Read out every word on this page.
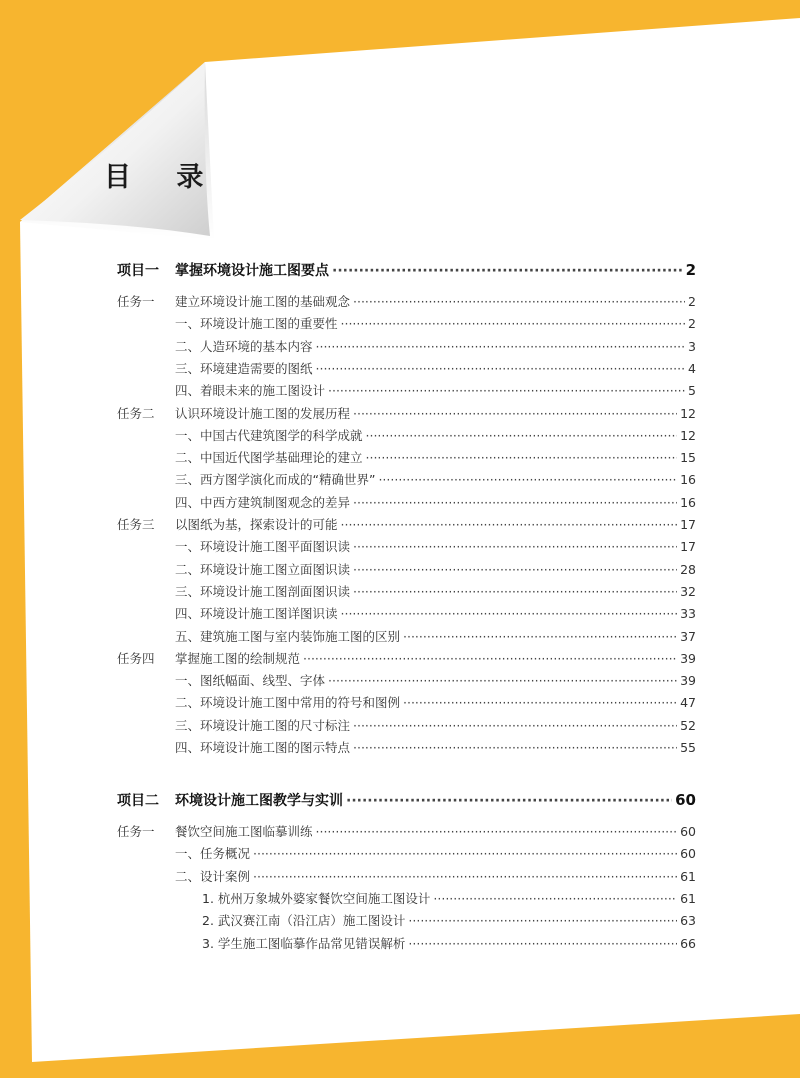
目 录
项目一	掌握环境设计施工图要点 ·····	2
任务一	建立环境设计施工图的基础观念 ·····	2
一、环境设计施工图的重要性 ·····	2
二、人造环境的基本内容 ·····	3
三、环境建造需要的图纸 ·····	4
四、着眼未来的施工图设计 ·····	5
任务二	认识环境设计施工图的发展历程 ·····	12
一、中国古代建筑图学的科学成就 ·····	12
二、中国近代图学基础理论的建立 ·····	15
三、西方图学演化而成的“精确世界” ·····	16
四、中西方建筑制图观念的差异 ·····	16
任务三	以图纸为基，探索设计的可能 ·····	17
一、环境设计施工图平面图识读 ·····	17
二、环境设计施工图立面图识读 ·····	28
三、环境设计施工图剖面图识读 ·····	32
四、环境设计施工图详图识读 ·····	33
五、建筑施工图与室内装饰施工图的区别 ·····	37
任务四	掌握施工图的绘制规范 ·····	39
一、图纸幅面、线型、字体 ·····	39
二、环境设计施工图中常用的符号和图例 ·····	47
三、环境设计施工图的尺寸标注 ·····	52
四、环境设计施工图的图示特点 ·····	55
项目二	环境设计施工图教学与实训 ·····	60
任务一	餐饮空间施工图临摹训练 ·····	60
一、任务概况 ·····	60
二、设计案例 ·····	61
1. 杭州万象城外婆家餐饮空间施工图设计 ·····	61
2. 武汉赛江南（沿江店）施工图设计 ·····	63
3. 学生施工图临摹作品常见错误解析 ·····	66
